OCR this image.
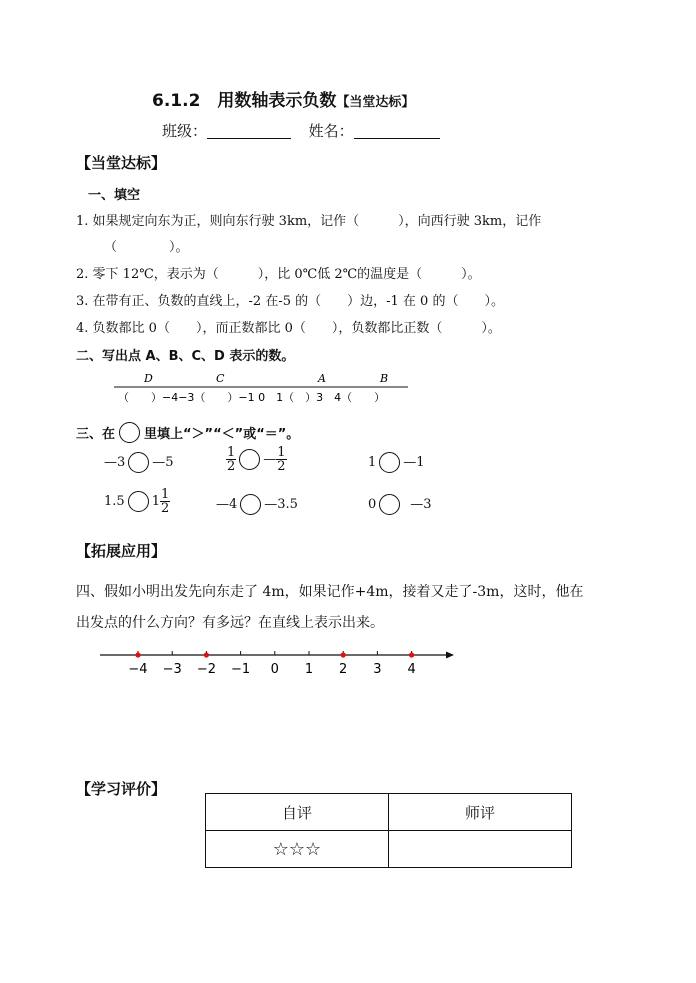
6.1.2　用数轴表示负数【当堂达标】
班级：	姓名：
【当堂达标】
一、填空
1. 如果规定向东为正，则向东行驶 3km，记作（　　　），向西行驶 3km，记作
（　　　　）。
2. 零下 12℃，表示为（　　　），比 0℃低 2℃的温度是（　　　）。
3. 在带有正、负数的直线上，-2 在-5 的（　　）边，-1 在 0 的（　　）。
4. 负数都比 0（　　），而正数都比 0（　　），负数都比正数（　　　）。
二、写出点 A、B、C、D 表示的数。
D	C	A	B
（　　）−4−3（　　）−1 0　1（　）3　4（　　）
三、在 里填上“＞”“＜”或“＝”。
—3 —5	$\frac{1}{2}$ — $\frac{1}{2}$	1 —1
1.5 $1 \frac{1}{2}$	—4 —3.5	0	—3
【拓展应用】
四、假如小明出发先向东走了 4m，如果记作+4m，接着又走了-3m，这时，他在
出发点的什么方向？有多远？在直线上表示出来。
−4 −3 −2 −1 0 1 2 3 4
【学习评价】
自评	师评
☆☆☆	
